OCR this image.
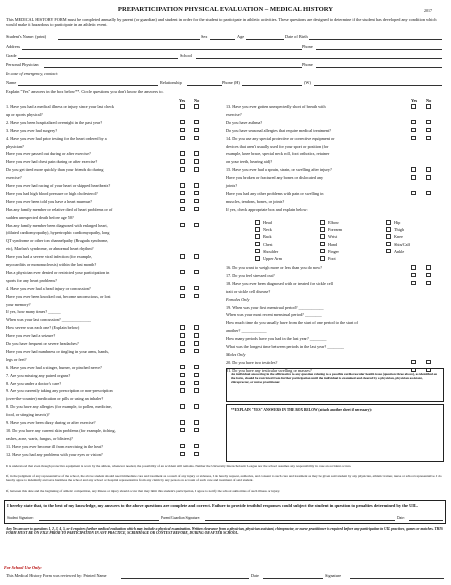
PREPARTICIPATION PHYSICAL EVALUATION – MEDICAL HISTORY	2017
This MEDICAL HISTORY FORM must be completed annually by parent (or guardian) and student in order for the student to participate in athletic activities. These questions are designed to determine if the student has developed any condition which would make it hazardous to participate in an athletic event.
Student's Name: (print)	Sex	Age	Date of Birth
Address	Phone
Grade	School
Personal Physician	Phone
In case of emergency, contact:
Name	Relationship	Phone (H)	(W)
Explain "Yes" answers in the box below**. Circle questions you don't know the answers to.
Yes No	Yes No
1. Have you had a medical illness or injury since your last check
up or sports physical?
2. Have you been hospitalized overnight in the past year?
3. Have you ever had surgery?
4. Have you ever had prior testing for the heart ordered by a
physician?
Have you ever passed out during or after exercise?
Have you ever had chest pain during or after exercise?
Do you get tired more quickly than your friends do during
exercise?
Have you ever had racing of your heart or skipped heartbeats?
Have you had high blood pressure or high cholesterol?
Have you ever been told you have a heart murmur?
Has any family member or relative died of heart problems or of
sudden unexpected death before age 50?
Has any family member been diagnosed with enlarged heart,
(dilated cardiomyopathy), hypertrophic cardiomyopathy, long
QT syndrome or other ion channelpathy (Brugada syndrome,
etc), Marfan's syndrome, or abnormal heart rhythm?
Have you had a severe viral infection (for example,
myocarditis or mononucleosis) within the last month?
Has a physician ever denied or restricted your participation in
sports for any heart problems?
4. Have you ever had a head injury or concussion?
Have you ever been knocked out, become unconscious, or lost
your memory?
If yes, how many times? ______
When was your last concussion? ______________
How severe was each one? (Explain below)
Have you ever had a seizure?
Do you have frequent or severe headaches?
Have you ever had numbness or tingling in your arms, hands,
legs or feet?
6. Have you ever had a stinger, burner, or pinched nerve?
7. Are you missing any paired organs?
8. Are you under a doctor's care?
9. Are you currently taking any prescription or non-prescription
(over-the-counter) medication or pills or using an inhaler?
8. Do you have any allergies (for example, to pollen, medicine,
food, or stinging insects)?
9. Have you ever been dizzy during or after exercise?
10. Do you have any current skin problems (for example, itching,
rashes, acne, warts, fungus, or blisters)?
11. Have you ever become ill from exercising in the heat?
12. Have you had any problems with your eyes or vision?
13. Have you ever gotten unexpectedly short of breath with
exercise?
Do you have asthma?
Do you have seasonal allergies that require medical treatment?
14. Do you use any special protective or corrective equipment or
devices that aren't usually used for your sport or position (for
example, knee brace, special neck roll, foot orthotics, retainer
on your teeth, hearing aid)?
15. Have you ever had a sprain, strain, or swelling after injury?
Have you broken or fractured any bones or dislocated any
joints?
Have you had any other problems with pain or swelling in
muscles, tendons, bones, or joints?
If yes, check appropriate box and explain below:
Head	Elbow	Hip
Neck	Forearm	Thigh
Back	Wrist	Knee
Chest	Hand	Shin/Calf
Shoulder	Finger	Ankle
Upper Arm	Foot
16. Do you want to weigh more or less than you do now?
17. Do you feel stressed out?
18. Have you ever been diagnosed with or treated for sickle cell
trait or sickle cell disease?
Females Only
19. When was your first menstrual period? ____________
When was your most recent menstrual period? ________
How much time do you usually have from the start of one period to the start of
another? ____________
How many periods have you had in the last year? ________
What was the longest time between periods in the last year? ________
Males Only
20. Do you have two testicles?
21. Do you have any testicular swelling or masses?
An individual answering in the affirmative to any question relating to a possible cardiovascular health issue (question three above), as identified on the form, should be restricted from further participation until the individual is examined and cleared by a physician, physician assistant, chiropractor, or nurse practitioner.
**EXPLAIN "YES" ANSWERS IN THE BOX BELOW (attach another sheet if necessary):
It is understood that even though protective equipment is worn by the athlete, whenever needed, the possibility of an accident still remains. Neither the University Interscholastic League nor the school assumes any responsibility in case an accident occurs.
If, in the judgment of any representative of the school, the above student should need immediate care and treatment as a result of any injury or sickness, I do hereby request, authorize, and consent to such care and treatment as may be given said student by any physician, athletic trainer, nurse or school representative. I do hereby agree to indemnify and save harmless the school and any school or hospital representative from any claim by any person on account of such care and treatment of said student.
If, between this date and the beginning of athletic competition, any illness or injury should occur that may limit this student's participation, I agree to notify the school authorities of such illness or injury.
I hereby state that, to the best of my knowledge, my answers to the above questions are complete and correct. Failure to provide truthful responses could subject the student in question to penalties determined by the UIL.
Student Signature:	Parent/Guardian Signature:	Date:
Any Yes answer to questions 1, 2, 3, 4, 5, or 6 requires further medical evaluation which may include a physical examination. Written clearance from a physician, physician assistant, chiropractor, or nurse practitioner is required before any participation in UIL practices, games or matches. THIS FORM MUST BE ON FILE PRIOR TO PARTICIPATION IN ANY PRACTICE, SCRIMMAGE OR CONTEST BEFORE, DURING OR AFTER SCHOOL.
For School Use Only:
This Medical History Form was reviewed by: Printed Name	Date	Signature
